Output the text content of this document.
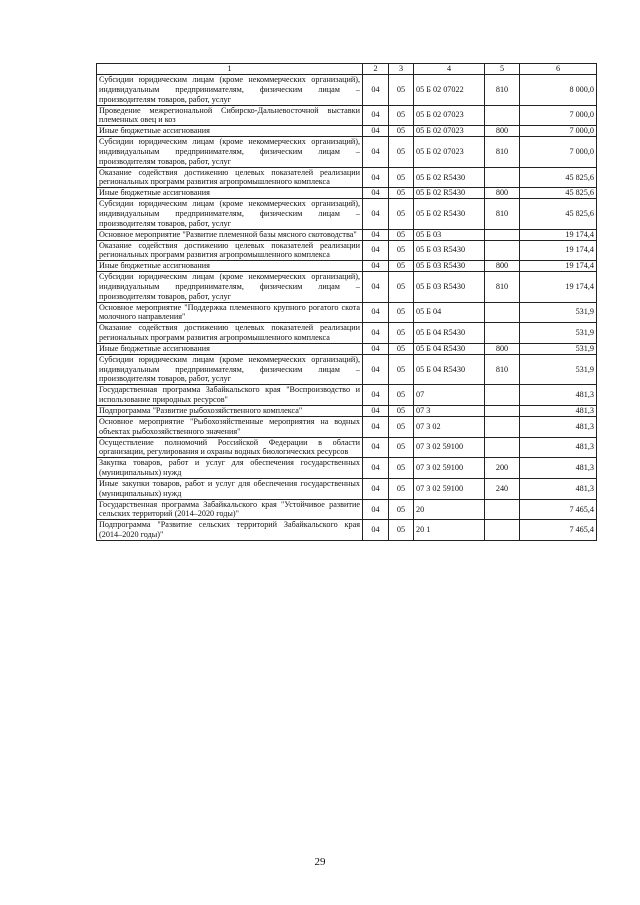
1	2	3	4	5	6
Субсидии юридическим лицам (кроме некоммерческих организаций), индивидуальным предпринимателям, физическим лицам – производителям товаров, работ, услуг	04	05	05 Б 02 07022	810	8 000,0
Проведение межрегиональной Сибирско-Дальневосточной выставки племенных овец и коз	04	05	05 Б 02 07023		7 000,0
Иные бюджетные ассигнования	04	05	05 Б 02 07023	800	7 000,0
Субсидии юридическим лицам (кроме некоммерческих организаций), индивидуальным предпринимателям, физическим лицам – производителям товаров, работ, услуг	04	05	05 Б 02 07023	810	7 000,0
Оказание содействия достижению целевых показателей реализации региональных программ развития агропромышленного комплекса	04	05	05 Б 02 R5430		45 825,6
Иные бюджетные ассигнования	04	05	05 Б 02 R5430	800	45 825,6
Субсидии юридическим лицам (кроме некоммерческих организаций), индивидуальным предпринимателям, физическим лицам – производителям товаров, работ, услуг	04	05	05 Б 02 R5430	810	45 825,6
Основное мероприятие "Развитие племенной базы мясного скотоводства"	04	05	05 Б 03		19 174,4
Оказание содействия достижению целевых показателей реализации региональных программ развития агропромышленного комплекса	04	05	05 Б 03 R5430		19 174,4
Иные бюджетные ассигнования	04	05	05 Б 03 R5430	800	19 174,4
Субсидии юридическим лицам (кроме некоммерческих организаций), индивидуальным предпринимателям, физическим лицам – производителям товаров, работ, услуг	04	05	05 Б 03 R5430	810	19 174,4
Основное мероприятие "Поддержка племенного крупного рогатого скота молочного направления"	04	05	05 Б 04		531,9
Оказание содействия достижению целевых показателей реализации региональных программ развития агропромышленного комплекса	04	05	05 Б 04 R5430		531,9
Иные бюджетные ассигнования	04	05	05 Б 04 R5430	800	531,9
Субсидии юридическим лицам (кроме некоммерческих организаций), индивидуальным предпринимателям, физическим лицам – производителям товаров, работ, услуг	04	05	05 Б 04 R5430	810	531,9
Государственная программа Забайкальского края "Воспроизводство и использование природных ресурсов"	04	05	07		481,3
Подпрограмма "Развитие рыбохозяйственного комплекса"	04	05	07 3		481,3
Основное мероприятие "Рыбохозяйственные мероприятия на водных объектах рыбохозяйственного значения"	04	05	07 3 02		481,3
Осуществление полномочий Российской Федерации в области организации, регулирования и охраны водных биологических ресурсов	04	05	07 3 02 59100		481,3
Закупка товаров, работ и услуг для обеспечения государственных (муниципальных) нужд	04	05	07 3 02 59100	200	481,3
Иные закупки товаров, работ и услуг для обеспечения государственных (муниципальных) нужд	04	05	07 3 02 59100	240	481,3
Государственная программа Забайкальского края "Устойчивое развитие сельских территорий (2014–2020 годы)"	04	05	20		7 465,4
Подпрограмма "Развитие сельских территорий Забайкальского края (2014–2020 годы)"	04	05	20 1		7 465,4
29
